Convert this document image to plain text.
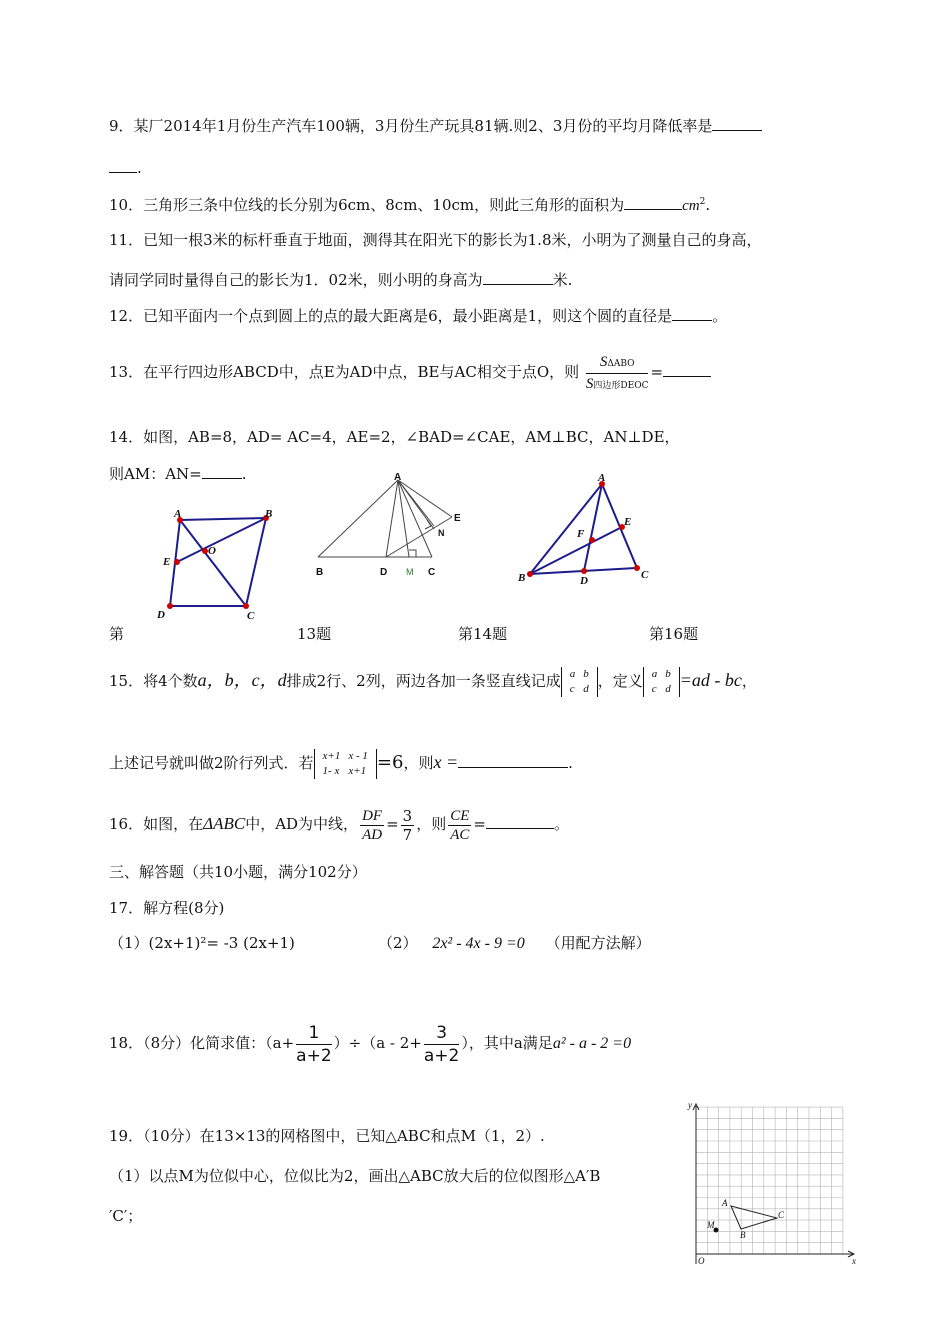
9．某厂2014年1月份生产汽车100辆，3月份生产玩具81辆.则2、3月份的平均月降低率是
.
10．三角形三条中位线的长分别为6cm、8cm、10cm，则此三角形的面积为	$cm^2$.
11．已知一根3米的标杆垂直于地面，测得其在阳光下的影长为1.8米，小明为了测量自己的身高，
请同学同时量得自己的影长为1．02米，则小明的身高为	米.
12．已知平面内一个点到圆上的点的最大距离是6，最小距离是1，则这个圆的直径是	。
13．在平行四边形ABCD中，点E为AD中点，BE与AC相交于点O，则 $\frac{\text{SΔABO}}{\text{S四边形DEOC}}$ =
14．如图，AB=8，AD= AC=4，AE=2，∠BAD=∠CAE，AM⊥BC，AN⊥DE，
则AM：AN=	.
A	B
E
O
D	C
A
E
N
B	D M C
A
E
F
B	D	C
第	13题	第14题	第16题
15．将4个数a，b，c，d排成2行、2列，两边各加一条竖直线记成 a	b
c	d ，定义 a	b
c	d =ad - bc，
上述记号就叫做2阶行列式．若 x+1	x - 1
1- x	x+1 =6，则x =	.
16．如图，在ΔABC中，AD为中线， $\frac{DF}{AD} = \frac{3}{7}$ ，则 $\frac{CE}{AC}$ =	。
三、解答题（共10小题，满分102分）
17．解方程(8分)
（1）(2x+1)²= -3 (2x+1)	（2） 2x² - 4x - 9 =0 （用配方法解）
18．（8分）化简求值：$(a+ \frac{1}{a+2} )\div(a - 2+ \frac{3}{a+2}$ ），其中a满足a² - a - 2 =0
19．（10分）在13×13的网格图中，已知△ABC和点M（1，2）.
（1）以点M为位似中心，位似比为2，画出△ABC放大后的位似图形△A′B
′C′；
y
x
O
A
B
C
M
